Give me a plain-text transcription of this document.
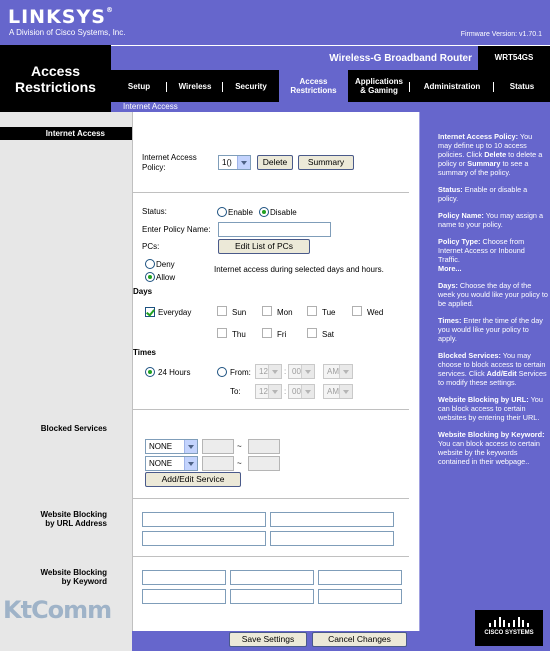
LINKSYS®
A Division of Cisco Systems, Inc.	Firmware Version: v1.70.1
Access
Restrictions
Wireless-G Broadband Router	WRT54GS
Setup	Wireless	Security	Access
Restrictions
Applications
& Gaming	Administration	Status
Internet Access
Internet Access
Blocked Services
Website Blocking
by URL Address
Website Blocking
by Keyword
Internet Access
Policy:
1()	Delete	Summary
Status:	Enable Disable
Enter Policy Name:
PCs:	Edit List of PCs
Deny
Allow
Internet access during selected days and hours.
Days
Everyday	Sun	Mon	Tue	Wed
Thu	Fri	Sat
Times
24 Hours	From:	12	: 00	AM
To:	12	: 00	AM
NONE	~
NONE	~
Add/Edit Service

Internet Access Policy: You may define up to 10 access policies. Click Delete to delete a policy or Summary to see a summary of the policy.

Status: Enable or disable a policy.

Policy Name: You may assign a name to your policy.

Policy Type: Choose from Internet Access or Inbound Traffic.
More...

Days: Choose the day of the week you would like your policy to be applied.

Times: Enter the time of the day you would like your policy to apply.

Blocked Services: You may choose to block access to certain services. Click Add/Edit Services to modify these settings.

Website Blocking by URL: You can block access to certain websites by entering their URL.

Website Blocking by Keyword: You can block access to certain website by the keywords contained in their webpage..

Save Settings	Cancel Changes
KtComm
CISCO SYSTEMS
